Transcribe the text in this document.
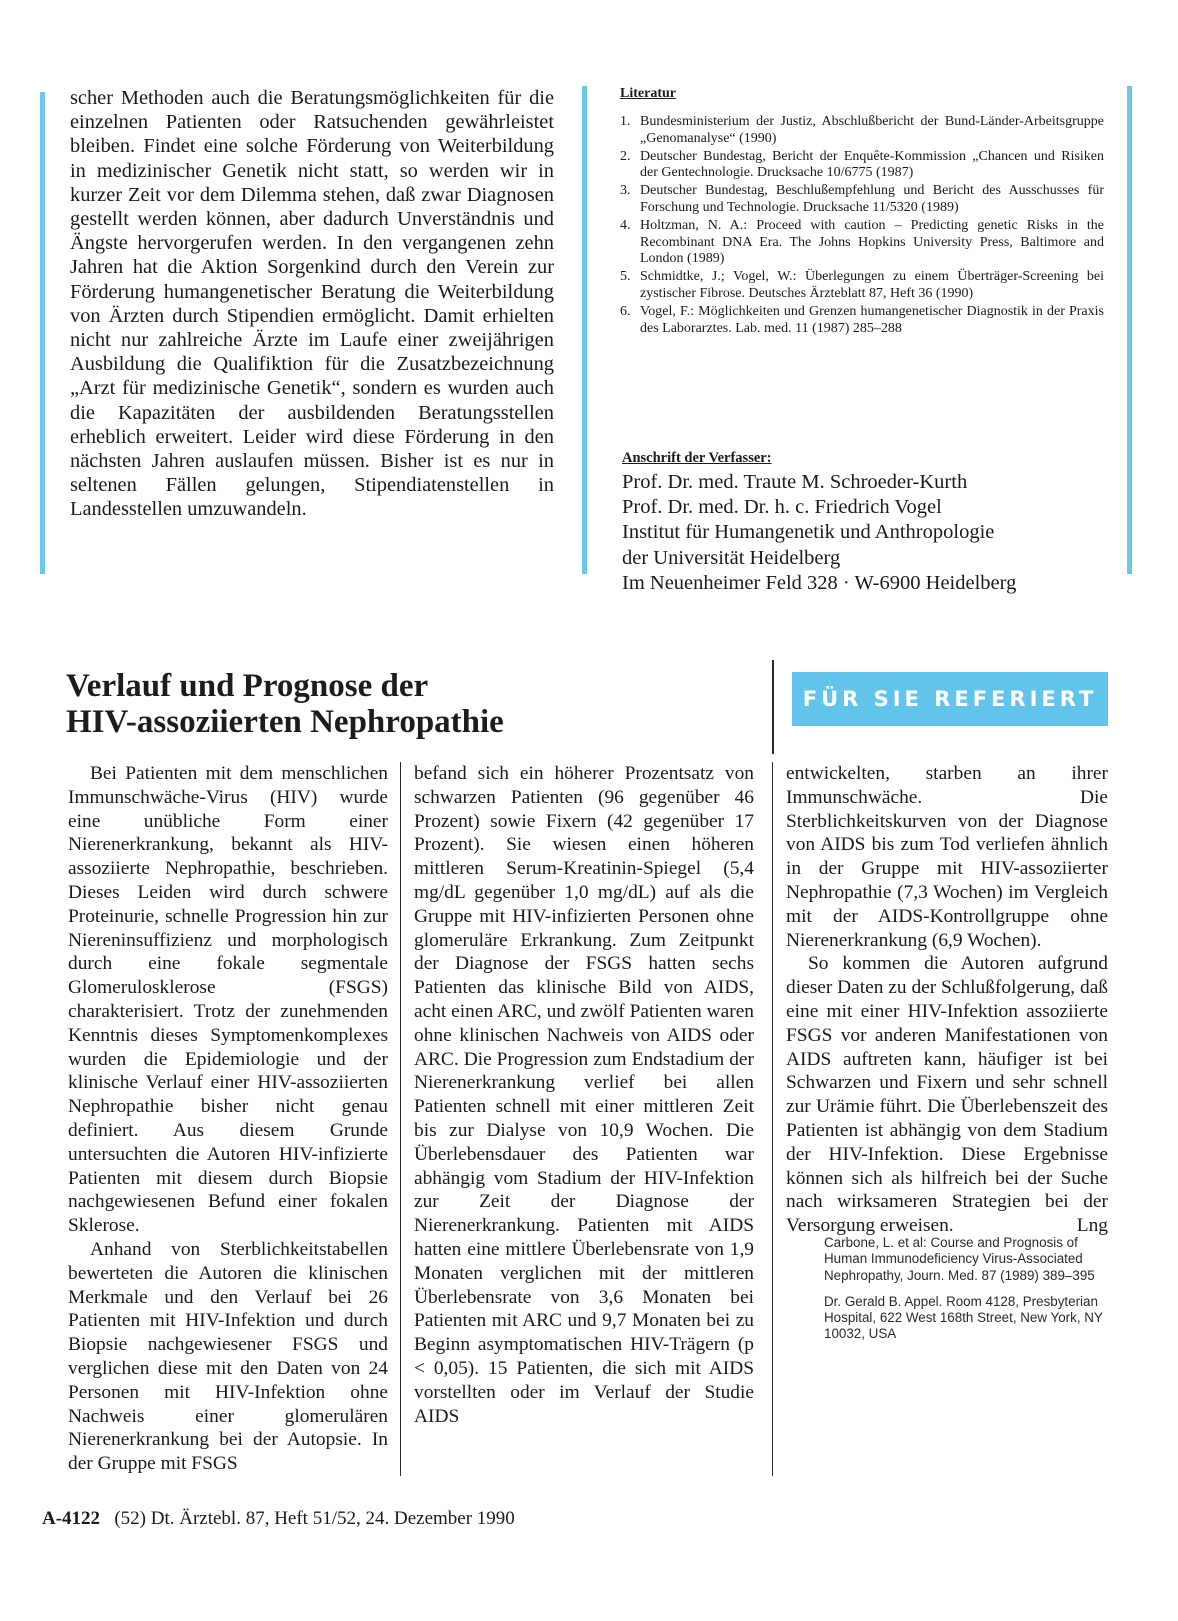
scher Methoden auch die Beratungsmöglichkeiten für die einzelnen Patienten oder Ratsuchenden gewährleistet bleiben. Findet eine solche Förderung von Weiterbildung in medizinischer Genetik nicht statt, so werden wir in kurzer Zeit vor dem Dilemma stehen, daß zwar Diagnosen gestellt werden können, aber dadurch Unverständnis und Ängste hervorgerufen werden. In den vergangenen zehn Jahren hat die Aktion Sorgenkind durch den Verein zur Förderung humangenetischer Beratung die Weiterbildung von Ärzten durch Stipendien ermöglicht. Damit erhielten nicht nur zahlreiche Ärzte im Laufe einer zweijährigen Ausbildung die Qualifiktion für die Zusatzbezeichnung „Arzt für medizinische Genetik“, sondern es wurden auch die Kapazitäten der ausbildenden Beratungsstellen erheblich erweitert. Leider wird diese Förderung in den nächsten Jahren auslaufen müssen. Bisher ist es nur in seltenen Fällen gelungen, Stipendiatenstellen in Landesstellen umzuwandeln.
Literatur
1. Bundesministerium der Justiz, Abschlußbericht der Bund-Länder-Arbeitsgruppe „Genomanalyse“ (1990)
2. Deutscher Bundestag, Bericht der Enquête-Kommission „Chancen und Risiken der Gentechnologie. Drucksache 10/6775 (1987)
3. Deutscher Bundestag, Beschlußempfehlung und Bericht des Ausschusses für Forschung und Technologie. Drucksache 11/5320 (1989)
4. Holtzman, N. A.: Proceed with caution – Predicting genetic Risks in the Recombinant DNA Era. The Johns Hopkins University Press, Baltimore and London (1989)
5. Schmidtke, J.; Vogel, W.: Überlegungen zu einem Überträger-Screening bei zystischer Fibrose. Deutsches Ärzteblatt 87, Heft 36 (1990)
6. Vogel, F.: Möglichkeiten und Grenzen humangenetischer Diagnostik in der Praxis des Laborarztes. Lab. med. 11 (1987) 285–288
Anschrift der Verfasser:
Prof. Dr. med. Traute M. Schroeder-Kurth
Prof. Dr. med. Dr. h. c. Friedrich Vogel
Institut für Humangenetik und Anthropologie
der Universität Heidelberg
Im Neuenheimer Feld 328 · W-6900 Heidelberg
Verlauf und Prognose der
HIV-assoziierten Nephropathie
FÜR SIE REFERIERT

Bei Patienten mit dem menschlichen Immunschwäche-Virus (HIV) wurde eine unübliche Form einer Nierenerkrankung, bekannt als HIV-assoziierte Nephropathie, beschrieben. Dieses Leiden wird durch schwere Proteinurie, schnelle Progression hin zur Niereninsuffizienz und morphologisch durch eine fokale segmentale Glomerulosklerose (FSGS) charakterisiert. Trotz der zunehmenden Kenntnis dieses Symptomenkomplexes wurden die Epidemiologie und der klinische Verlauf einer HIV-assoziierten Nephropathie bisher nicht genau definiert. Aus diesem Grunde untersuchten die Autoren HIV-infizierte Patienten mit diesem durch Biopsie nachgewiesenen Befund einer fokalen Sklerose.

Anhand von Sterblichkeitstabellen bewerteten die Autoren die klinischen Merkmale und den Verlauf bei 26 Patienten mit HIV-Infektion und durch Biopsie nachgewiesener FSGS und verglichen diese mit den Daten von 24 Personen mit HIV-Infektion ohne Nachweis einer glomerulären Nierenerkrankung bei der Autopsie. In der Gruppe mit FSGS

befand sich ein höherer Prozentsatz von schwarzen Patienten (96 gegenüber 46 Prozent) sowie Fixern (42 gegenüber 17 Prozent). Sie wiesen einen höheren mittleren Serum-Kreatinin-Spiegel (5,4 mg/dL gegenüber 1,0 mg/dL) auf als die Gruppe mit HIV-infizierten Personen ohne glomeruläre Erkrankung. Zum Zeitpunkt der Diagnose der FSGS hatten sechs Patienten das klinische Bild von AIDS, acht einen ARC, und zwölf Patienten waren ohne klinischen Nachweis von AIDS oder ARC. Die Progression zum Endstadium der Nierenerkrankung verlief bei allen Patienten schnell mit einer mittleren Zeit bis zur Dialyse von 10,9 Wochen. Die Überlebensdauer des Patienten war abhängig vom Stadium der HIV-Infektion zur Zeit der Diagnose der Nierenerkrankung. Patienten mit AIDS hatten eine mittlere Überlebensrate von 1,9 Monaten verglichen mit der mittleren Überlebensrate von 3,6 Monaten bei Patienten mit ARC und 9,7 Monaten bei zu Beginn asymptomatischen HIV-Trägern (p < 0,05). 15 Patienten, die sich mit AIDS vorstellten oder im Verlauf der Studie AIDS

entwickelten, starben an ihrer Immunschwäche. Die Sterblichkeitskurven von der Diagnose von AIDS bis zum Tod verliefen ähnlich in der Gruppe mit HIV-assoziierter Nephropathie (7,3 Wochen) im Vergleich mit der AIDS-Kontrollgruppe ohne Nierenerkrankung (6,9 Wochen).

So kommen die Autoren aufgrund dieser Daten zu der Schlußfolgerung, daß eine mit einer HIV-Infektion assoziierte FSGS vor anderen Manifestationen von AIDS auftreten kann, häufiger ist bei Schwarzen und Fixern und sehr schnell zur Urämie führt. Die Überlebenszeit des Patienten ist abhängig von dem Stadium der HIV-Infektion. Diese Ergebnisse können sich als hilfreich bei der Suche nach wirksameren Strategien bei der Versorgung erweisen.	Lng

Carbone, L. et al: Course and Prognosis of Human Immunodeficiency Virus-Associated Nephropathy, Journ. Med. 87 (1989) 389–395

Dr. Gerald B. Appel. Room 4128, Presbyterian Hospital, 622 West 168th Street, New York, NY 10032, USA

A-4122 (52) Dt. Ärztebl. 87, Heft 51/52, 24. Dezember 1990
